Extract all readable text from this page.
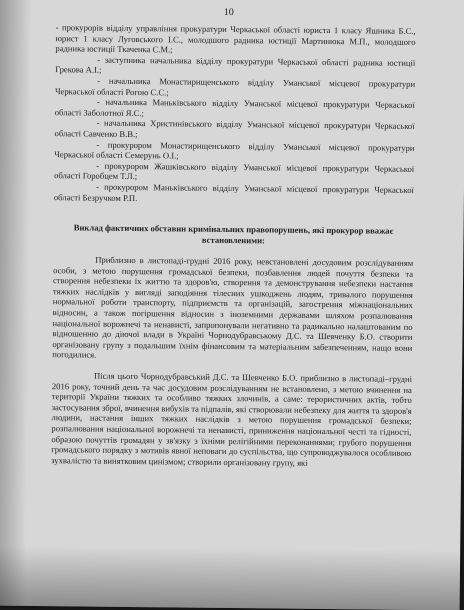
10

- прокурорів відділу управління прокуратури Черкаської області юриста 1 класу Яшника Б.С., юрист 1 класу Луговського І.С., молодшого радника юстиції Мартинюка М.П., молодшого радника юстиції Ткаченка С.М.;

- заступника начальника відділу прокуратури Черкаської області радника юстиції Грекова А.І.;

- начальника Монастирищенського відділу Уманської місцевої прокуратури Черкаської області Рогою С.С.;

- начальника Маньківського відділу Уманської місцевої прокуратури Черкаської області Заболотної Я.С.;

- начальника Христинівського відділу Уманської місцевої прокуратури Черкаської області Савченко В.В.;

- прокурором Монастирищенського відділу Уманської місцевої прокуратури Черкаської області Семерунь О.І.;

- прокурором Жашківського відділу Уманської місцевої прокуратури Черкаської області Горобцем Т.Л.;

- прокурором Маньківського відділу Уманської місцевої прокуратури Черкаської області Безручком Р.П.

Виклад фактичних обставин кримінальних правопорушень, які прокурор вважає встановленими:

Приблизно в листопаді-грудні 2016 року, невстановлені досудовим розслідуванням особи, з метою порушення громадської безпеки, позбавлення людей почуття безпеки та створення небезпеки їх життю та здоров'ю, створення та демонстрування небезпеки настання тяжких наслідків у вигляді заподіяння тілесних ушкоджень людям, тривалого порушення нормальної роботи транспорту, підприємств та організацій, загострення міжнаціональних відносин, а також погіршення відносин з іноземними державами шляхом розпалювання національної ворожнечі та ненависті, запропонували негативно та радикально налаштованим по відношенню до діючої влади в Україні Чорнодубравському Д.С. та Шевченку Б.О. створити організовану групу з подальшим їхнім фінансовим та матеріальним забезпеченням, нащо вони погодилися.

Після цього Чорнодубравський Д.С. та Шевченко Б.О. приблизно в листопаді–грудні 2016 року, точний день та час досудовим розслідуванням не встановлено, з метою вчинення на території України тяжких та особливо тяжких злочинів, а саме: терористичних актів, тобто застосування зброї, вчинення вибухів та підпалів, які створювали небезпеку для життя та здоров'я людини, настання інших тяжких наслідків з метою порушення громадської безпеки; розпалювання національної ворожнечі та ненависті, приниження національної честі та гідності, образою почуттів громадян у зв'язку з їхніми релігійними переконаннями; грубого порушення громадського порядку з мотивів явної неповаги до суспільства, що супроводжувалося особливою зухвалістю та винятковим цинізмом; створили організовану групу, які
